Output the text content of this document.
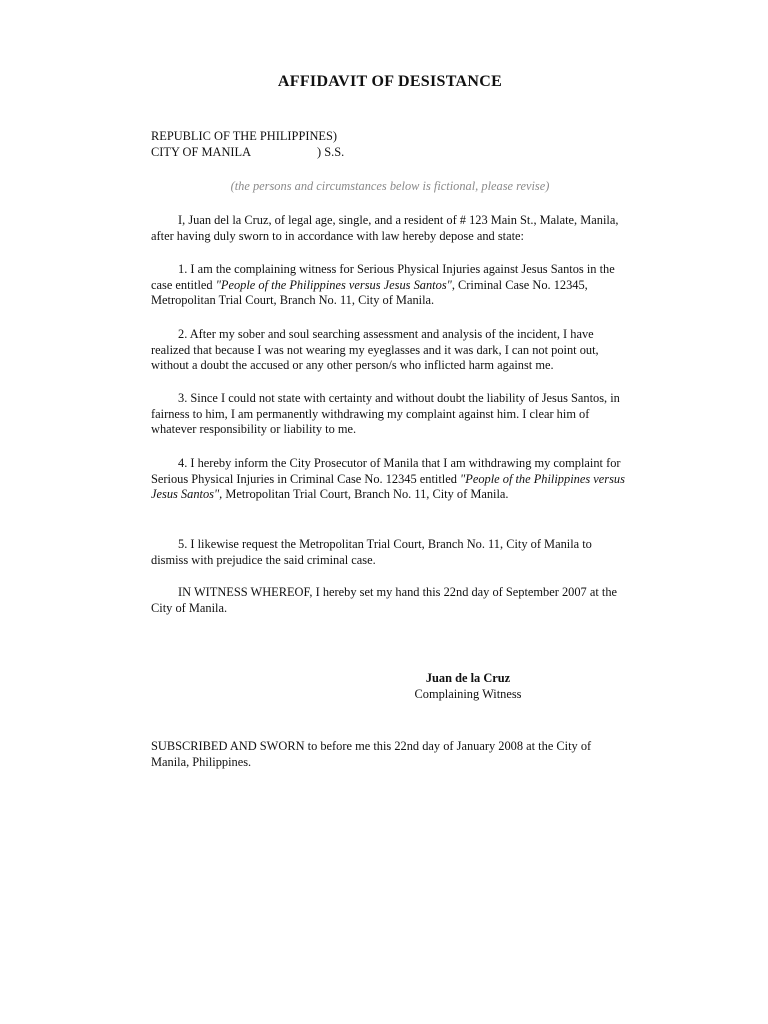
AFFIDAVIT OF DESISTANCE
REPUBLIC OF THE PHILIPPINES)
CITY OF MANILA	) S.S.
(the persons and circumstances below is fictional, please revise)

I, Juan del la Cruz, of legal age, single, and a resident of # 123 Main St., Malate, Manila, after having duly sworn to in accordance with law hereby depose and state:

1. I am the complaining witness for Serious Physical Injuries against Jesus Santos in the case entitled "People of the Philippines versus Jesus Santos", Criminal Case No. 12345, Metropolitan Trial Court, Branch No. 11, City of Manila.

2. After my sober and soul searching assessment and analysis of the incident, I have realized that because I was not wearing my eyeglasses and it was dark, I can not point out, without a doubt the accused or any other person/s who inflicted harm against me.

3. Since I could not state with certainty and without doubt the liability of Jesus Santos, in fairness to him, I am permanently withdrawing my complaint against him. I clear him of whatever responsibility or liability to me.

4. I hereby inform the City Prosecutor of Manila that I am withdrawing my complaint for Serious Physical Injuries in Criminal Case No. 12345 entitled "People of the Philippines versus Jesus Santos", Metropolitan Trial Court, Branch No. 11, City of Manila.

5. I likewise request the Metropolitan Trial Court, Branch No. 11, City of Manila to dismiss with prejudice the said criminal case.

IN WITNESS WHEREOF, I hereby set my hand this 22nd day of September 2007 at the City of Manila.

Juan de la Cruz
Complaining Witness

SUBSCRIBED AND SWORN to before me this 22nd day of January 2008 at the City of Manila, Philippines.
